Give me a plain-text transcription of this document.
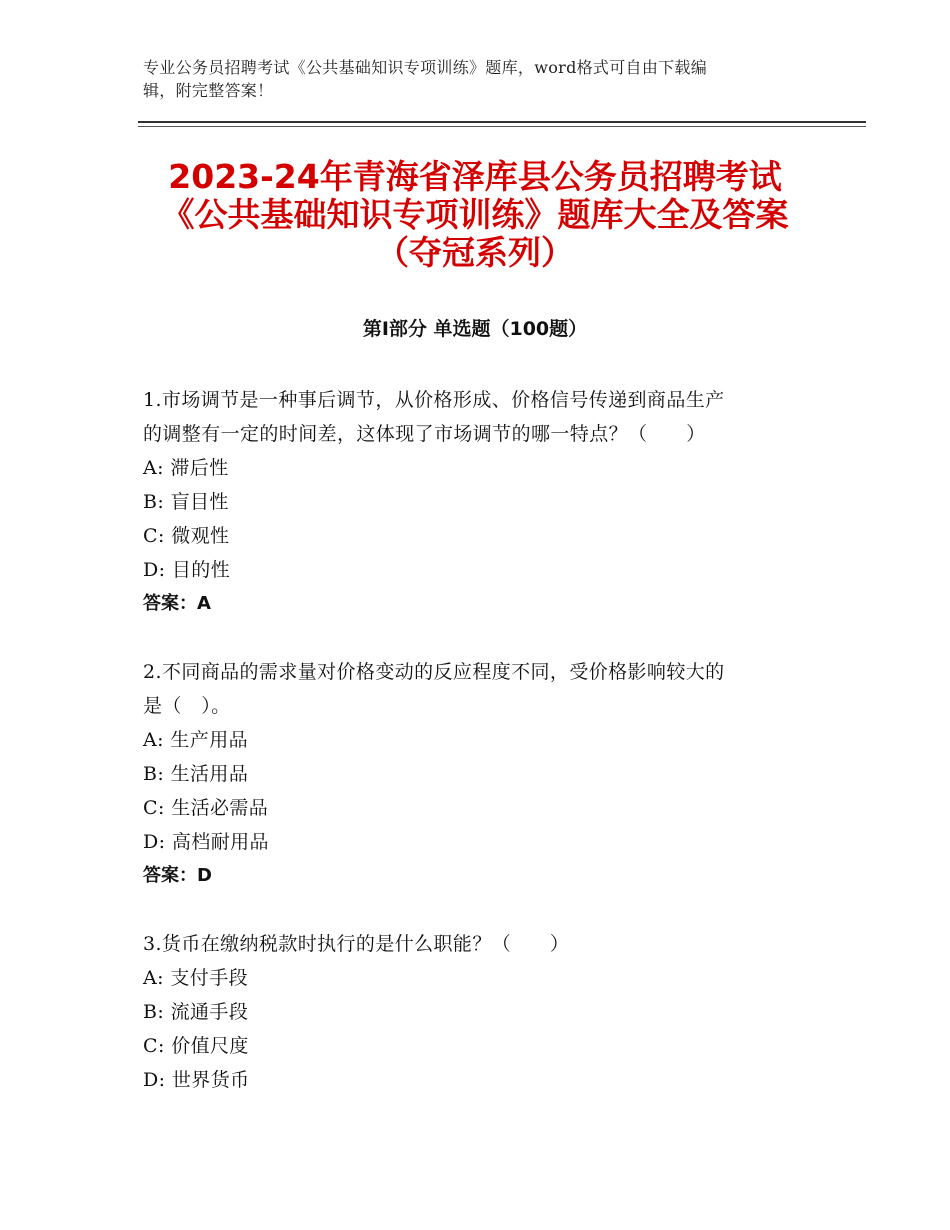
专业公务员招聘考试《公共基础知识专项训练》题库，word格式可自由下载编
辑，附完整答案！
2023-24年青海省泽库县公务员招聘考试
《公共基础知识专项训练》题库大全及答案
（夺冠系列）
第Ⅰ部分 单选题（100题）
1.市场调节是一种事后调节，从价格形成、价格信号传递到商品生产
的调整有一定的时间差，这体现了市场调节的哪一特点？（　　）
A: 滞后性
B: 盲目性
C: 微观性
D: 目的性
答案：A
2.不同商品的需求量对价格变动的反应程度不同，受价格影响较大的
是（　）。
A: 生产用品
B: 生活用品
C: 生活必需品
D: 高档耐用品
答案：D
3.货币在缴纳税款时执行的是什么职能？（　　）
A: 支付手段
B: 流通手段
C: 价值尺度
D: 世界货币
